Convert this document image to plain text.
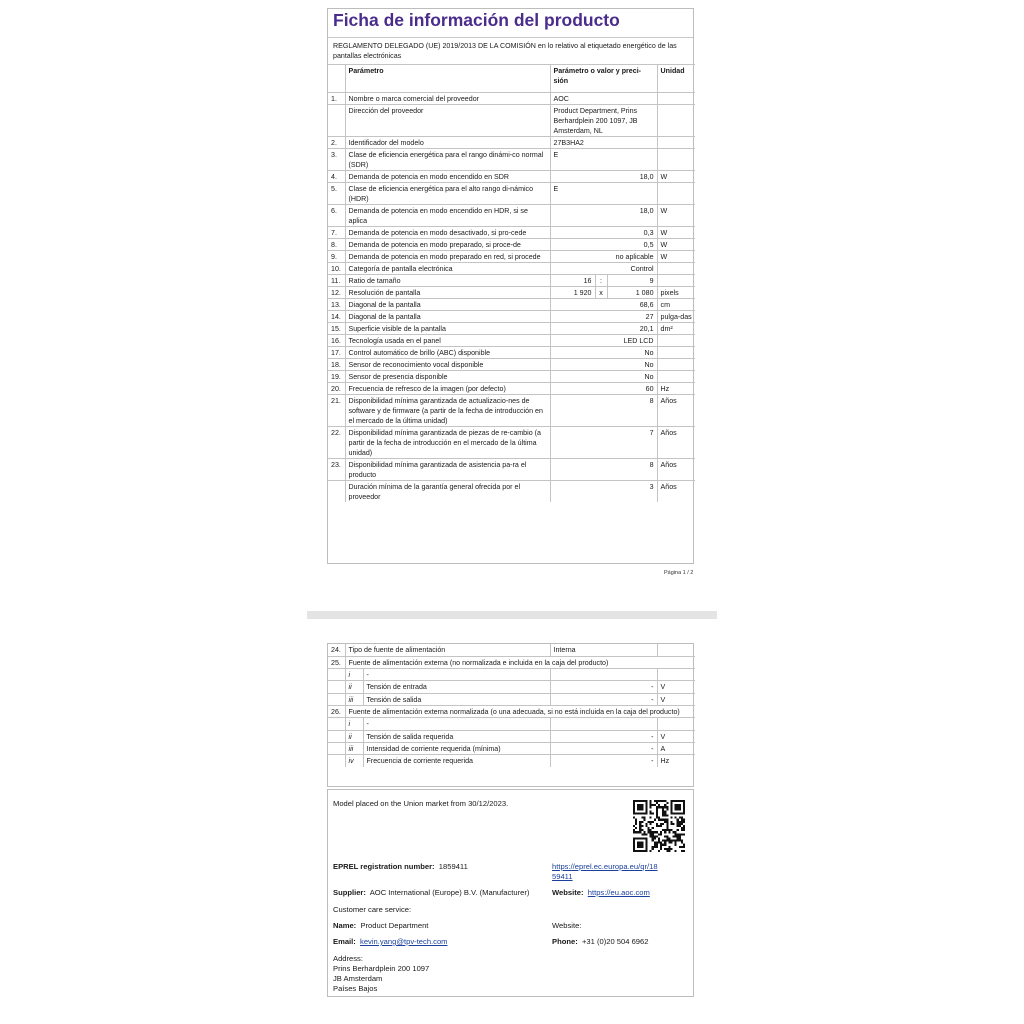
Ficha de información del producto
REGLAMENTO DELEGADO (UE) 2019/2013 DE LA COMISIÓN en lo relativo al etiquetado energético de las pantallas electrónicas
	Parámetro	Parámetro o valor y preci-sión			Unidad
1.	Nombre o marca comercial del proveedor	AOC			
	Dirección del proveedor	Product Department, Prins Berhardplein 200 1097, JB Amsterdam, NL			
2.	Identificador del modelo	27B3HA2			
3.	Clase de eficiencia energética para el rango dinámi-co normal (SDR)	E			
4.	Demanda de potencia en modo encendido en SDR	18,0			W
5.	Clase de eficiencia energética para el alto rango di-námico (HDR)	E			
6.	Demanda de potencia en modo encendido en HDR, si se aplica	18,0			W
7.	Demanda de potencia en modo desactivado, si pro-cede	0,3			W
8.	Demanda de potencia en modo preparado, si proce-de	0,5			W
9.	Demanda de potencia en modo preparado en red, si procede	no aplicable			W
10.	Categoría de pantalla electrónica	Control			
11.	Ratio de tamaño	16	:	9	
12.	Resolución de pantalla	1 920	x	1 080	pixels
13.	Diagonal de la pantalla	68,6			cm
14.	Diagonal de la pantalla	27			pulga-das
15.	Superficie visible de la pantalla	20,1			dm²
16.	Tecnología usada en el panel	LED LCD			
17.	Control automático de brillo (ABC) disponible	No			
18.	Sensor de reconocimiento vocal disponible	No			
19.	Sensor de presencia disponible	No			
20.	Frecuencia de refresco de la imagen (por defecto)	60			Hz
21.	Disponibilidad mínima garantizada de actualizacio-nes de software y de firmware (a partir de la fecha de introducción en el mercado de la última unidad)	8			Años
22.	Disponibilidad mínima garantizada de piezas de re-cambio (a partir de la fecha de introducción en el mercado de la última unidad)	7			Años
23.	Disponibilidad mínima garantizada de asistencia pa-ra el producto	8			Años
	Duración mínima de la garantía general ofrecida por el proveedor	3			Años
Página 1 / 2
24.	Tipo de fuente de alimentación		Interna	
25.	Fuente de alimentación externa (no normalizada e incluida en la caja del producto)			
	i	-		
	ii	Tensión de entrada	-	V
	iii	Tensión de salida	-	V
26.	Fuente de alimentación externa normalizada (o una adecuada, si no está incluida en la caja del producto)			
	i	-		
	ii	Tensión de salida requerida	-	V
	iii	Intensidad de corriente requerida (mínima)	-	A
	iv	Frecuencia de corriente requerida	-	Hz
Model placed on the Union market from 30/12/2023.
EPREL registration number: 1859411	https://eprel.ec.europa.eu/qr/18
59411
Supplier: AOC International (Europe) B.V. (Manufacturer)	Website: https://eu.aoc.com
Customer care service:
Name: Product Department	Website:
Email: kevin.yang@tpv-tech.com	Phone: +31 (0)20 504 6962
Address:
Prins Berhardplein 200 1097
JB Amsterdam
Países Bajos
